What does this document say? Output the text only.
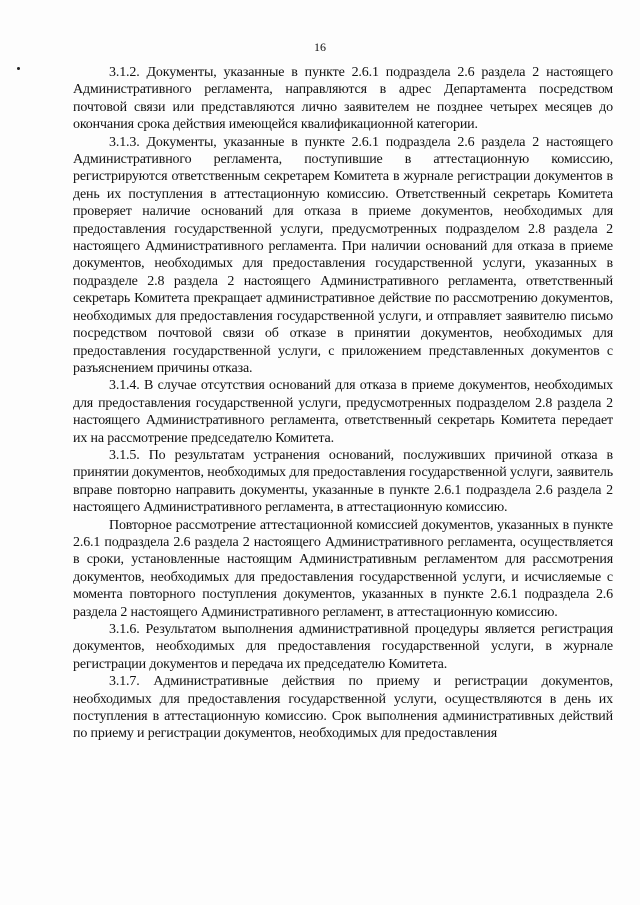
16

3.1.2. Документы, указанные в пункте 2.6.1 подраздела 2.6 раздела 2 настоящего Административного регламента, направляются в адрес Департамента посредством почтовой связи или представляются лично заявителем не позднее четырех месяцев до окончания срока действия имеющейся квалификационной категории.

3.1.3. Документы, указанные в пункте 2.6.1 подраздела 2.6 раздела 2 настоящего Административного регламента, поступившие в аттестационную комиссию, регистрируются ответственным секретарем Комитета в журнале регистрации документов в день их поступления в аттестационную комиссию. Ответственный секретарь Комитета проверяет наличие оснований для отказа в приеме документов, необходимых для предоставления государственной услуги, предусмотренных подразделом 2.8 раздела 2 настоящего Административного регламента. При наличии оснований для отказа в приеме документов, необходимых для предоставления государственной услуги, указанных в подразделе 2.8 раздела 2 настоящего Административного регламента, ответственный секретарь Комитета прекращает административное действие по рассмотрению документов, необходимых для предоставления государственной услуги, и отправляет заявителю письмо посредством почтовой связи об отказе в принятии документов, необходимых для предоставления государственной услуги, с приложением представленных документов с разъяснением причины отказа.

3.1.4. В случае отсутствия оснований для отказа в приеме документов, необходимых для предоставления государственной услуги, предусмотренных подразделом 2.8 раздела 2 настоящего Административного регламента, ответственный секретарь Комитета передает их на рассмотрение председателю Комитета.

3.1.5. По результатам устранения оснований, послуживших причиной отказа в принятии документов, необходимых для предоставления государственной услуги, заявитель вправе повторно направить документы, указанные в пункте 2.6.1 подраздела 2.6 раздела 2 настоящего Административного регламента, в аттестационную комиссию.

Повторное рассмотрение аттестационной комиссией документов, указанных в пункте 2.6.1 подраздела 2.6 раздела 2 настоящего Административного регламента, осуществляется в сроки, установленные настоящим Административным регламентом для рассмотрения документов, необходимых для предоставления государственной услуги, и исчисляемые с момента повторного поступления документов, указанных в пункте 2.6.1 подраздела 2.6 раздела 2 настоящего Административного регламент, в аттестационную комиссию.

3.1.6. Результатом выполнения административной процедуры является регистрация документов, необходимых для предоставления государственной услуги, в журнале регистрации документов и передача их председателю Комитета.

3.1.7. Административные действия по приему и регистрации документов, необходимых для предоставления государственной услуги, осуществляются в день их поступления в аттестационную комиссию. Срок выполнения административных действий по приему и регистрации документов, необходимых для предоставления
